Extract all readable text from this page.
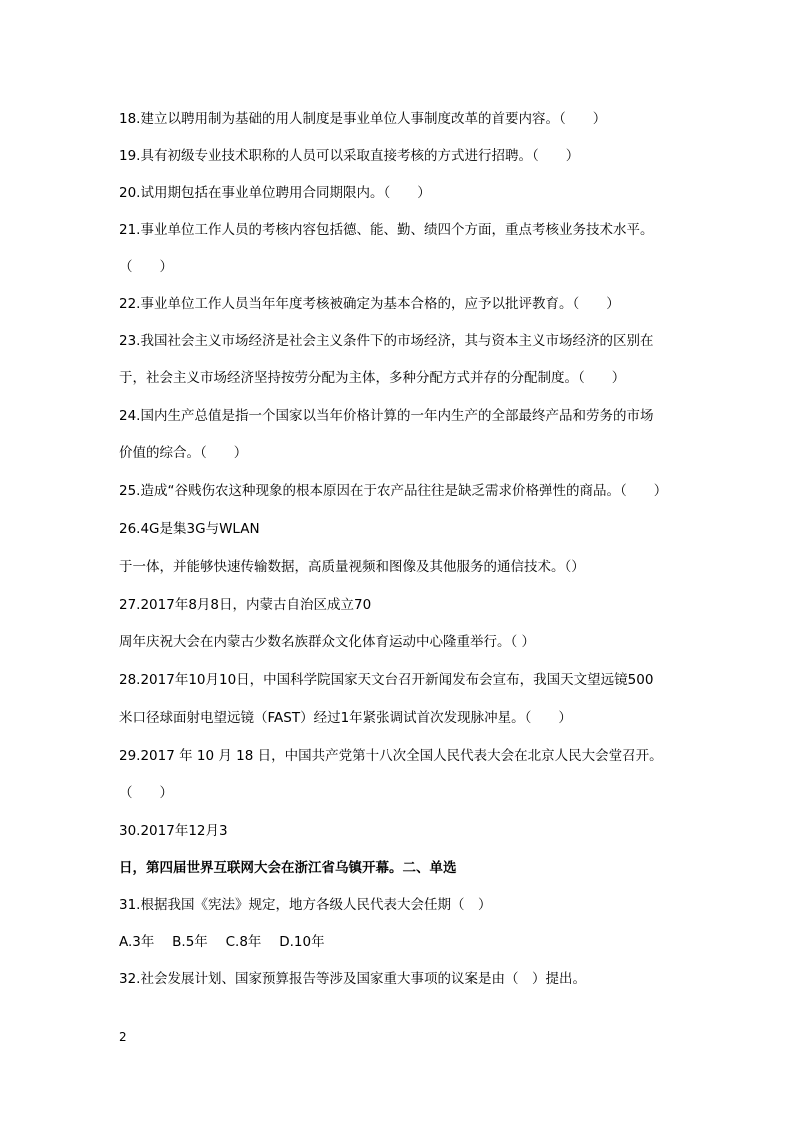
18.建立以聘用制为基础的用人制度是事业单位人事制度改革的首要内容。（　　）
19.具有初级专业技术职称的人员可以采取直接考核的方式进行招聘。（　　）
20.试用期包括在事业单位聘用合同期限内。（　　）
21.事业单位工作人员的考核内容包括德、能、勤、绩四个方面，重点考核业务技术水平。
（　　）
22.事业单位工作人员当年年度考核被确定为基本合格的，应予以批评教育。（　　）
23.我国社会主义市场经济是社会主义条件下的市场经济，其与资本主义市场经济的区别在
于，社会主义市场经济坚持按劳分配为主体，多种分配方式并存的分配制度。（　　）
24.国内生产总值是指一个国家以当年价格计算的一年内生产的全部最终产品和劳务的市场
价值的综合。（　　）
25.造成“谷贱伤农这种现象的根本原因在于农产品往往是缺乏需求价格弹性的商品。（　　）
26.4G是集3G与WLAN
于一体，并能够快速传输数据，高质量视频和图像及其他服务的通信技术。（）
27.2017年8月8日，内蒙古自治区成立70
周年庆祝大会在内蒙古少数名族群众文化体育运动中心隆重举行。（ ）
28.2017年10月10日，中国科学院国家天文台召开新闻发布会宣布，我国天文望远镜500
米口径球面射电望远镜（FAST）经过1年紧张调试首次发现脉冲星。（　　）
29.2017 年 10 月 18 日，中国共产党第十八次全国人民代表大会在北京人民大会堂召开。
（　　）
30.2017年12月3
日，第四届世界互联网大会在浙江省乌镇开幕。二、单选
31.根据我国《宪法》规定，地方各级人民代表大会任期（　）
A.3年　 B.5年　 C.8年　 D.10年
32.社会发展计划、国家预算报告等涉及国家重大事项的议案是由（　）提出。
2
